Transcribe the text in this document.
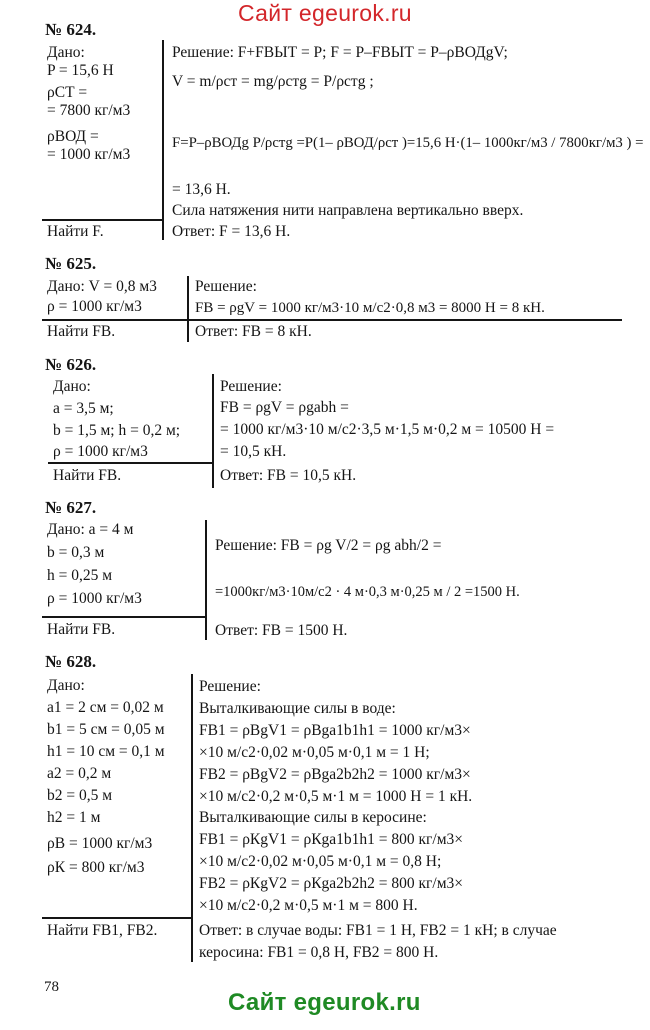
Сайт egeurok.ru
№ 624.
Дано:
P = 15,6 Н
ρСТ =
= 7800 кг/м3
ρВОД =
= 1000 кг/м3
Найти F.
Решение: F+FВЫТ = P; F = P–FВЫТ = P–ρВОДgV;
V = m/ρст = mg/ρстg = P/ρстg ;
F=P–ρВОДg P/ρстg =P(1– ρВОД/ρст )=15,6 Н·(1– 1000кг/м3 / 7800кг/м3 ) =
= 13,6 Н.
Сила натяжения нити направлена вертикально вверх.
Ответ: F = 13,6 Н.
№ 625.
Дано: V = 0,8 м3
ρ = 1000 кг/м3
Найти FВ.
Решение:
FВ = ρgV = 1000 кг/м3·10 м/с2·0,8 м3 = 8000 Н = 8 кН.
Ответ: FВ = 8 кН.
№ 626.
Дано:
a = 3,5 м;
b = 1,5 м; h = 0,2 м;
ρ = 1000 кг/м3
Найти FВ.
Решение:
FВ = ρgV = ρgabh =
= 1000 кг/м3·10 м/с2·3,5 м·1,5 м·0,2 м = 10500 Н =
= 10,5 кН.
Ответ: FВ = 10,5 кН.
№ 627.
Дано: a = 4 м
b = 0,3 м
h = 0,25 м
ρ = 1000 кг/м3
Найти FВ.
Решение: FВ = ρg V/2 = ρg abh/2 =
=1000кг/м3·10м/с2 · 4 м·0,3 м·0,25 м / 2 =1500 Н.
Ответ: FВ = 1500 Н.
№ 628.
Дано:
a1 = 2 см = 0,02 м
b1 = 5 см = 0,05 м
h1 = 10 см = 0,1 м
a2 = 0,2 м
b2 = 0,5 м
h2 = 1 м
ρВ = 1000 кг/м3
ρК = 800 кг/м3
Найти FB1, FB2.
Решение:
Выталкивающие силы в воде:
FB1 = ρВgV1 = ρВga1b1h1 = 1000 кг/м3×
×10 м/с2·0,02 м·0,05 м·0,1 м = 1 Н;
FB2 = ρВgV2 = ρВga2b2h2 = 1000 кг/м3×
×10 м/с2·0,2 м·0,5 м·1 м = 1000 Н = 1 кН.
Выталкивающие силы в керосине:
FB1 = ρКgV1 = ρКga1b1h1 = 800 кг/м3×
×10 м/с2·0,02 м·0,05 м·0,1 м = 0,8 Н;
FB2 = ρКgV2 = ρКga2b2h2 = 800 кг/м3×
×10 м/с2·0,2 м·0,5 м·1 м = 800 Н.
Ответ: в случае воды: FB1 = 1 Н, FB2 = 1 кН; в случае
керосина: FB1 = 0,8 Н, FB2 = 800 Н.
78
Сайт egeurok.ru
